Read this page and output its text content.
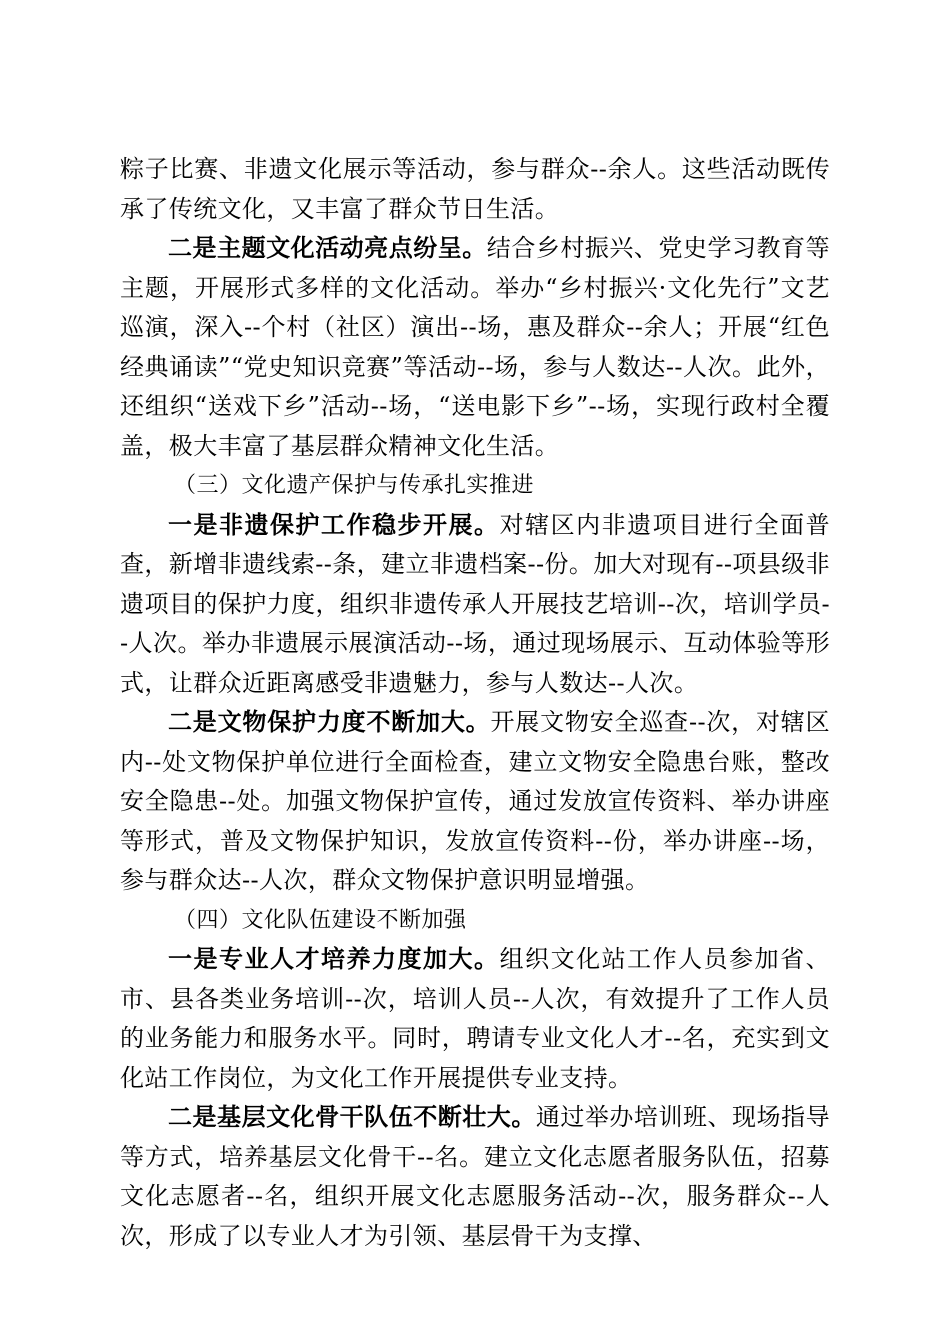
粽子比赛、非遗文化展示等活动，参与群众--余人。这些活动既传承了传统文化，又丰富了群众节日生活。

二是主题文化活动亮点纷呈。结合乡村振兴、党史学习教育等主题，开展形式多样的文化活动。举办“乡村振兴·文化先行”文艺巡演，深入--个村（社区）演出--场，惠及群众--余人；开展“红色经典诵读”“党史知识竞赛”等活动--场，参与人数达--人次。此外，还组织“送戏下乡”活动--场，“送电影下乡”--场，实现行政村全覆盖，极大丰富了基层群众精神文化生活。

（三）文化遗产保护与传承扎实推进

一是非遗保护工作稳步开展。对辖区内非遗项目进行全面普查，新增非遗线索--条，建立非遗档案--份。加大对现有--项县级非遗项目的保护力度，组织非遗传承人开展技艺培训--次，培训学员--人次。举办非遗展示展演活动--场，通过现场展示、互动体验等形式，让群众近距离感受非遗魅力，参与人数达--人次。

二是文物保护力度不断加大。开展文物安全巡查--次，对辖区内--处文物保护单位进行全面检查，建立文物安全隐患台账，整改安全隐患--处。加强文物保护宣传，通过发放宣传资料、举办讲座等形式，普及文物保护知识，发放宣传资料--份，举办讲座--场，参与群众达--人次，群众文物保护意识明显增强。

（四）文化队伍建设不断加强

一是专业人才培养力度加大。组织文化站工作人员参加省、市、县各类业务培训--次，培训人员--人次，有效提升了工作人员的业务能力和服务水平。同时，聘请专业文化人才--名，充实到文化站工作岗位，为文化工作开展提供专业支持。

二是基层文化骨干队伍不断壮大。通过举办培训班、现场指导等方式，培养基层文化骨干--名。建立文化志愿者服务队伍，招募文化志愿者--名，组织开展文化志愿服务活动--次，服务群众--人次，形成了以专业人才为引领、基层骨干为支撑、
